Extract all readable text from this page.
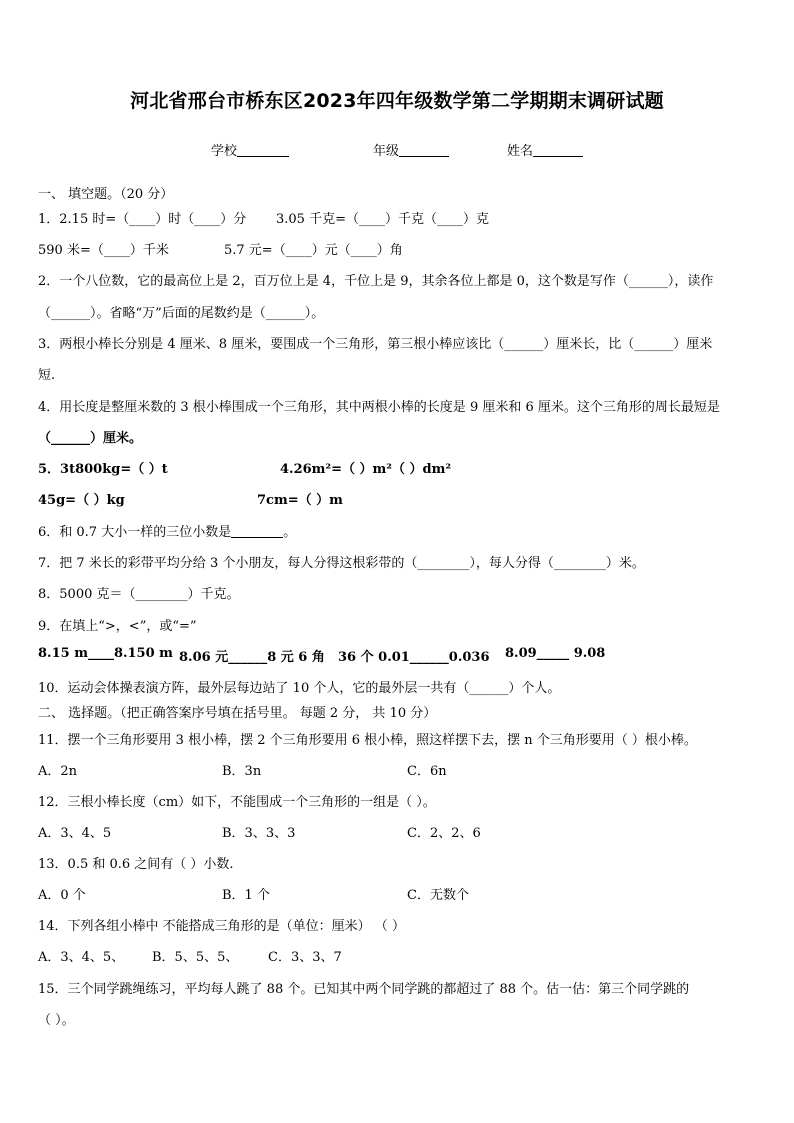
河北省邢台市桥东区2023年四年级数学第二学期期末调研试题
学校	年级	姓名
一、 填空题。（20 分）
1．2.15 时=（____）时（____）分 3.05 千克=（____）千克（____）克
590 米=（____）千米	5.7 元=（____）元（____）角
2．一个八位数，它的最高位上是 2，百万位上是 4，千位上是 9，其余各位上都是 0，这个数是写作（______），读作
（______）。省略“万”后面的尾数约是（______）。
3．两根小棒长分别是 4 厘米、8 厘米，要围成一个三角形，第三根小棒应该比（______）厘米长，比（______）厘米
短.
4．用长度是整厘米数的 3 根小棒围成一个三角形，其中两根小棒的长度是 9 厘米和 6 厘米。这个三角形的周长最短是
（______）厘米。
5．3t800kg=（ ）t	4.26m²=（ ）m²（ ）dm²
45g=（ ）kg	7cm=（ ）m
6．和 0.7 大小一样的三位小数是	。
7．把 7 米长的彩带平均分给 3 个小朋友，每人分得这根彩带的（________），每人分得（________）米。
8．5000 克＝（________）千克。
9．在填上“>，<”，或“=”
8.15 m____8.150 m 8.06 元______8 元 6 角 36 个 0.01______0.036 8.09_____ 9.08
10．运动会体操表演方阵，最外层每边站了 10 个人，它的最外层一共有（______）个人。
二、 选择题。（把正确答案序号填在括号里。 每题 2 分， 共 10 分）
11．摆一个三角形要用 3 根小棒，摆 2 个三角形要用 6 根小棒，照这样摆下去，摆 n 个三角形要用（ ）根小棒。
A．2n	B．3n	C．6n
12．三根小棒长度（cm）如下，不能围成一个三角形的一组是（ ）。
A．3、4、5	B．3、3、3	C．2、2、6
13．0.5 和 0.6 之间有（ ）小数.
A．0 个	B．1 个	C．无数个
14．下列各组小棒中 不能搭成三角形的是（单位：厘米） （ ）
A．3、4、5、 B．5、5、5、 C．3、3、7
15．三个同学跳绳练习，平均每人跳了 88 个。已知其中两个同学跳的都超过了 88 个。估一估：第三个同学跳的
（ ）。
